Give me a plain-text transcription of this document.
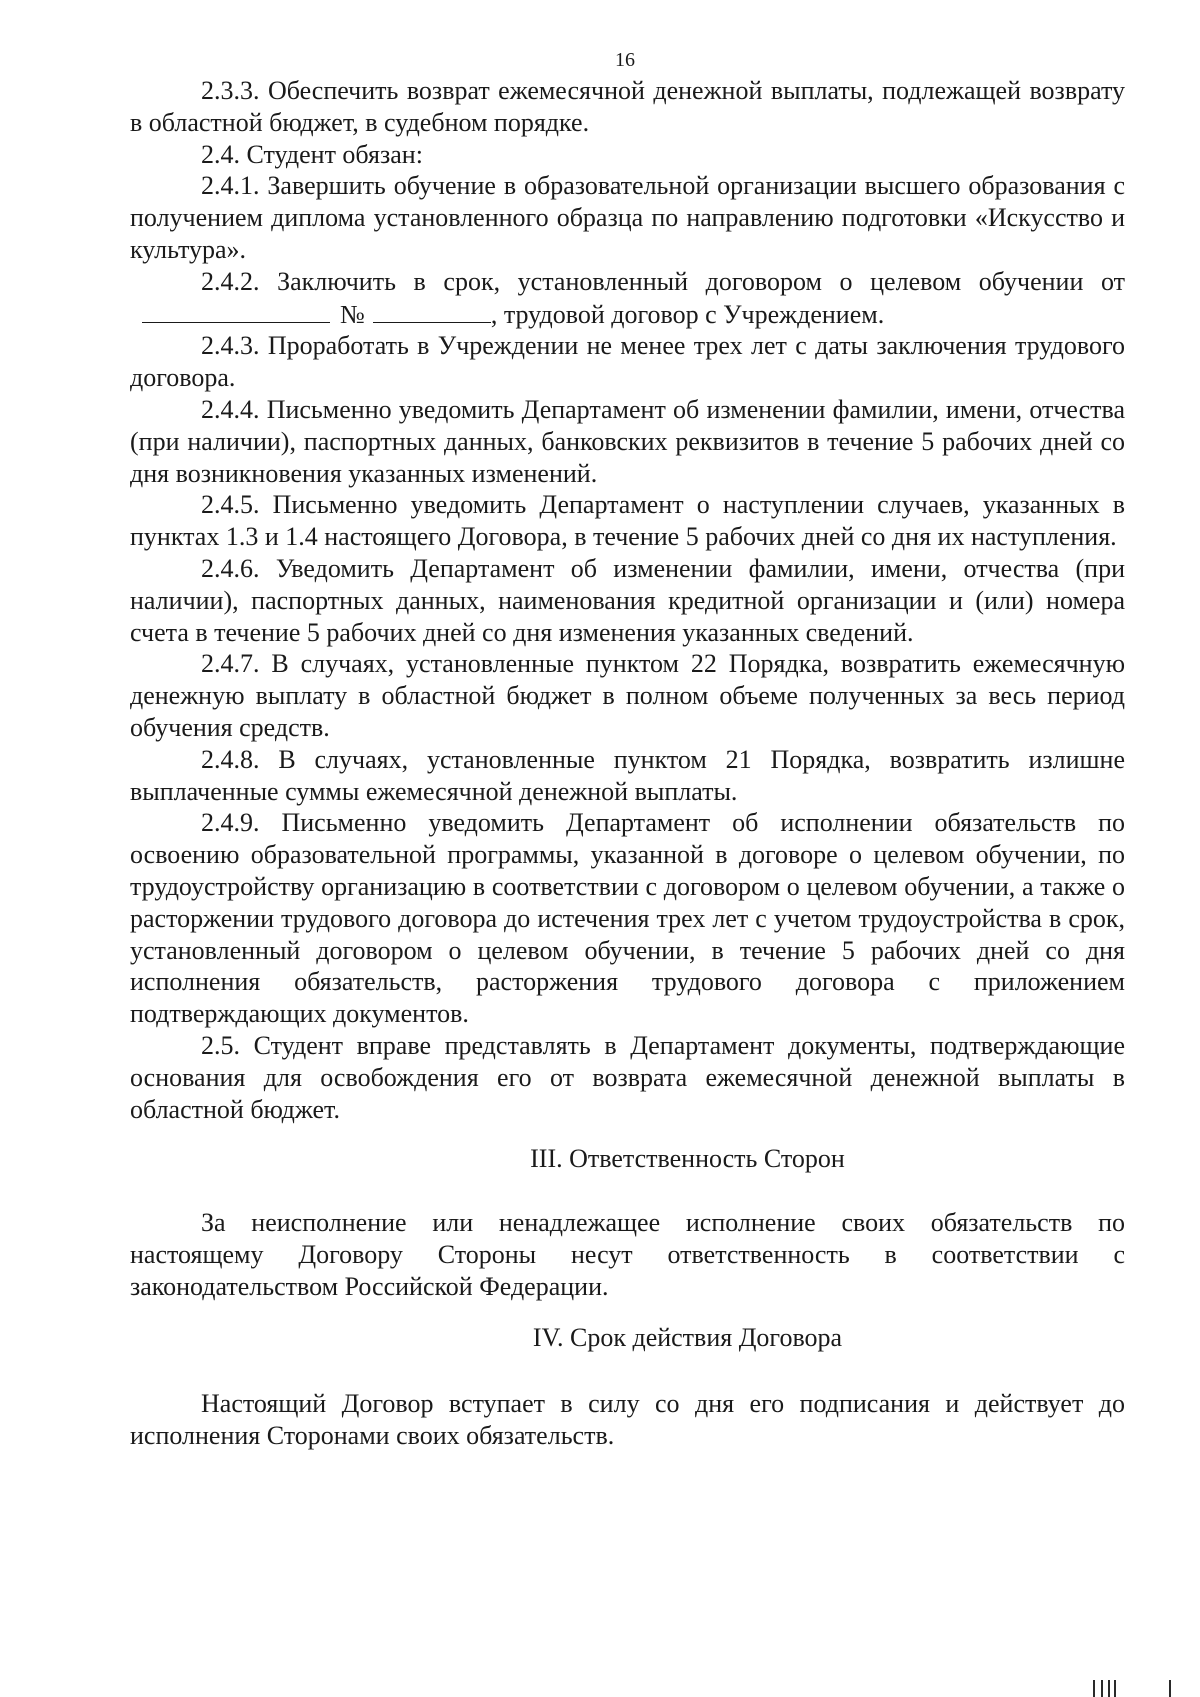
16

2.3.3. Обеспечить возврат ежемесячной денежной выплаты, подлежащей возврату в областной бюджет, в судебном порядке.

2.4. Студент обязан:

2.4.1. Завершить обучение в образовательной организации высшего образования с получением диплома установленного образца по направлению подготовки «Искусство и культура».

2.4.2. Заключить в срок, установленный договором о целевом обучении от№	, трудовой договор с Учреждением.

2.4.3. Проработать в Учреждении не менее трех лет с даты заключения трудового договора.

2.4.4. Письменно уведомить Департамент об изменении фамилии, имени, отчества (при наличии), паспортных данных, банковских реквизитов в течение 5 рабочих дней со дня возникновения указанных изменений.

2.4.5. Письменно уведомить Департамент о наступлении случаев, указанных в пунктах 1.3 и 1.4 настоящего Договора, в течение 5 рабочих дней со дня их наступления.

2.4.6. Уведомить Департамент об изменении фамилии, имени, отчества (при наличии), паспортных данных, наименования кредитной организации и (или) номера счета в течение 5 рабочих дней со дня изменения указанных сведений.

2.4.7. В случаях, установленные пунктом 22 Порядка, возвратить ежемесячную денежную выплату в областной бюджет в полном объеме полученных за весь период обучения средств.

2.4.8. В случаях, установленные пунктом 21 Порядка, возвратить излишне выплаченные суммы ежемесячной денежной выплаты.

2.4.9. Письменно уведомить Департамент об исполнении обязательств по освоению образовательной программы, указанной в договоре о целевом обучении, по трудоустройству организацию в соответствии с договором о целевом обучении, а также о расторжении трудового договора до истечения трех лет с учетом трудоустройства в срок, установленный договором о целевом обучении, в течение 5 рабочих дней со дня исполнения обязательств, расторжения трудового договора с приложением подтверждающих документов.

2.5. Студент вправе представлять в Департамент документы, подтверждающие основания для освобождения его от возврата ежемесячной денежной выплаты в областной бюджет.

III. Ответственность Сторон

За неисполнение или ненадлежащее исполнение своих обязательств по настоящему Договору Стороны несут ответственность в соответствии с законодательством Российской Федерации.

IV. Срок действия Договора

Настоящий Договор вступает в силу со дня его подписания и действует до исполнения Сторонами своих обязательств.
